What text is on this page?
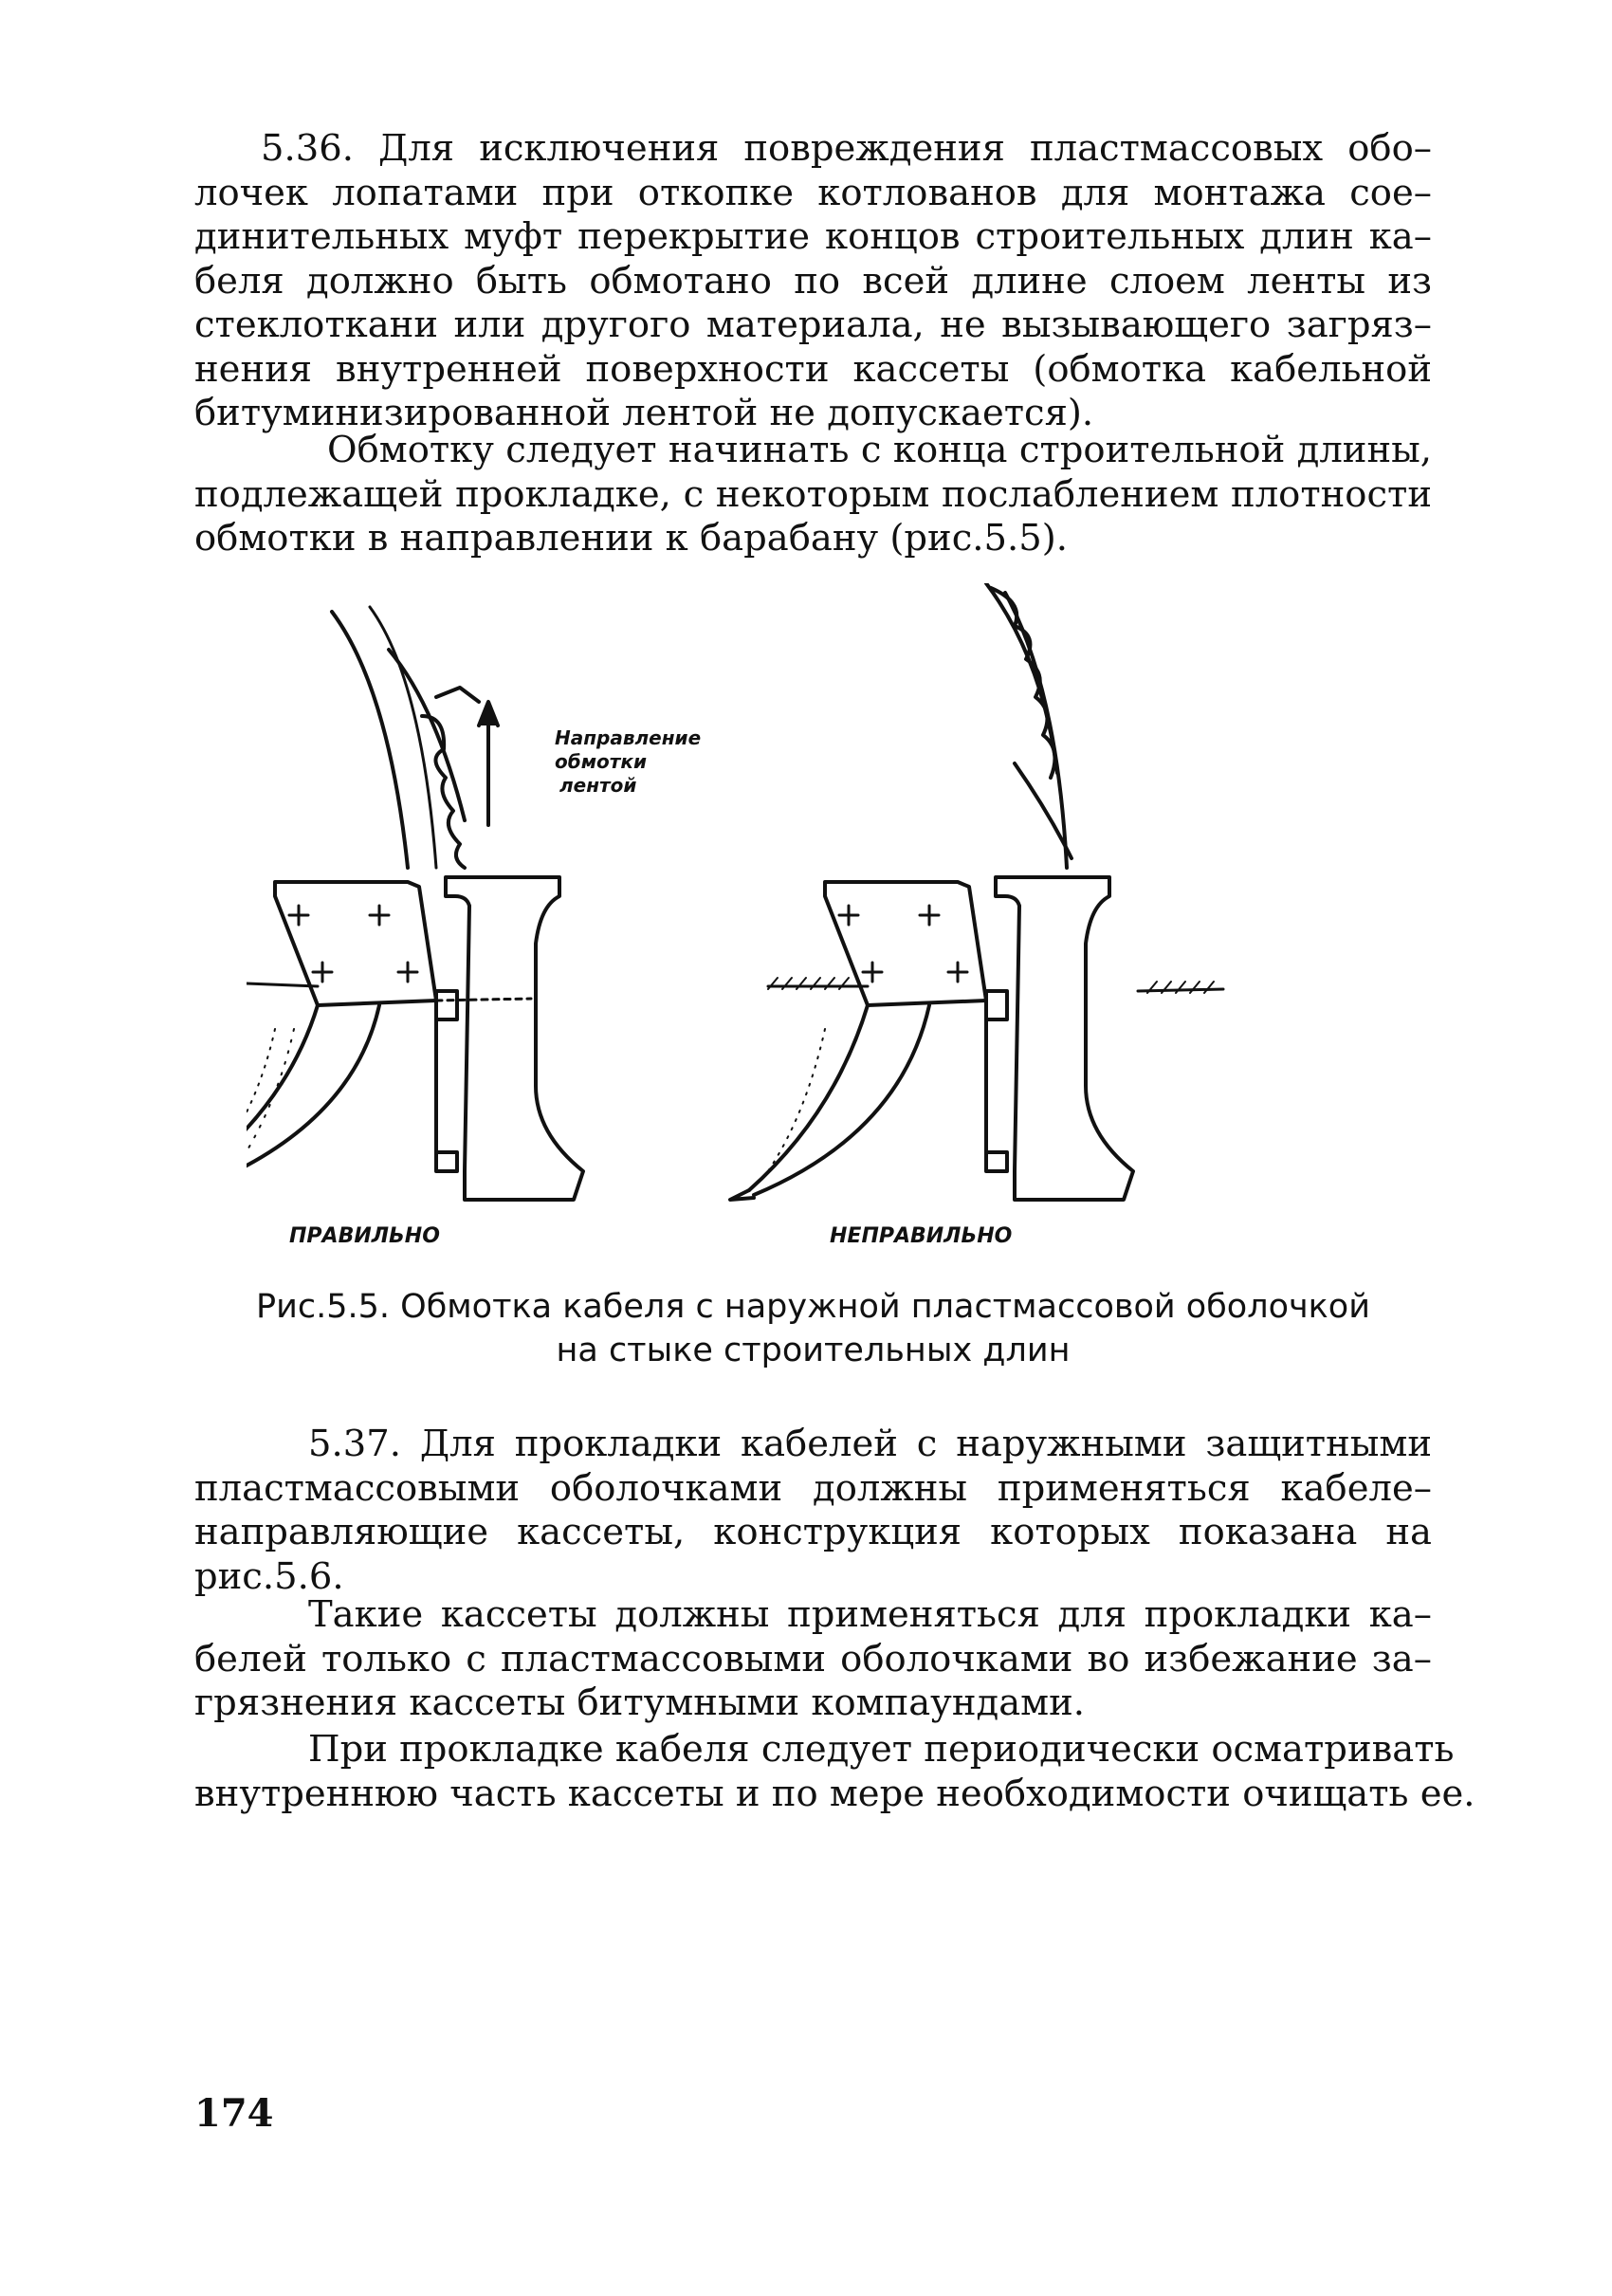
5.36. Для исключения повреждения пластмассовых обо–
лочек лопатами при откопке котлованов для монтажа сое–
динительных муфт перекрытие концов строительных длин ка–
беля должно быть обмотано по всей длине слоем ленты из
стеклоткани или другого материала, не вызывающего загряз–
нения внутренней поверхности кассеты (обмотка кабельной
битуминизированной лентой не допускается).
Обмотку следует начинать с конца строительной длины,
подлежащей прокладке, с некоторым послаблением плотности
обмотки в направлении к барабану (рис.5.5).
Направление
обмотки
лентой
ПРАВИЛЬНО	НЕПРАВИЛЬНО
Рис.5.5. Обмотка кабеля с наружной пластмассовой оболочкой
на стыке строительных длин
5.37. Для прокладки кабелей с наружными защитными
пластмассовыми оболочками должны применяться кабеле–
направляющие кассеты, конструкция которых показана на
рис.5.6.
Такие кассеты должны применяться для прокладки ка–
белей только с пластмассовыми оболочками во избежание за–
грязнения кассеты битумными компаундами.
При прокладке кабеля следует периодически осматривать
внутреннюю часть кассеты и по мере необходимости очищать ее.
174
